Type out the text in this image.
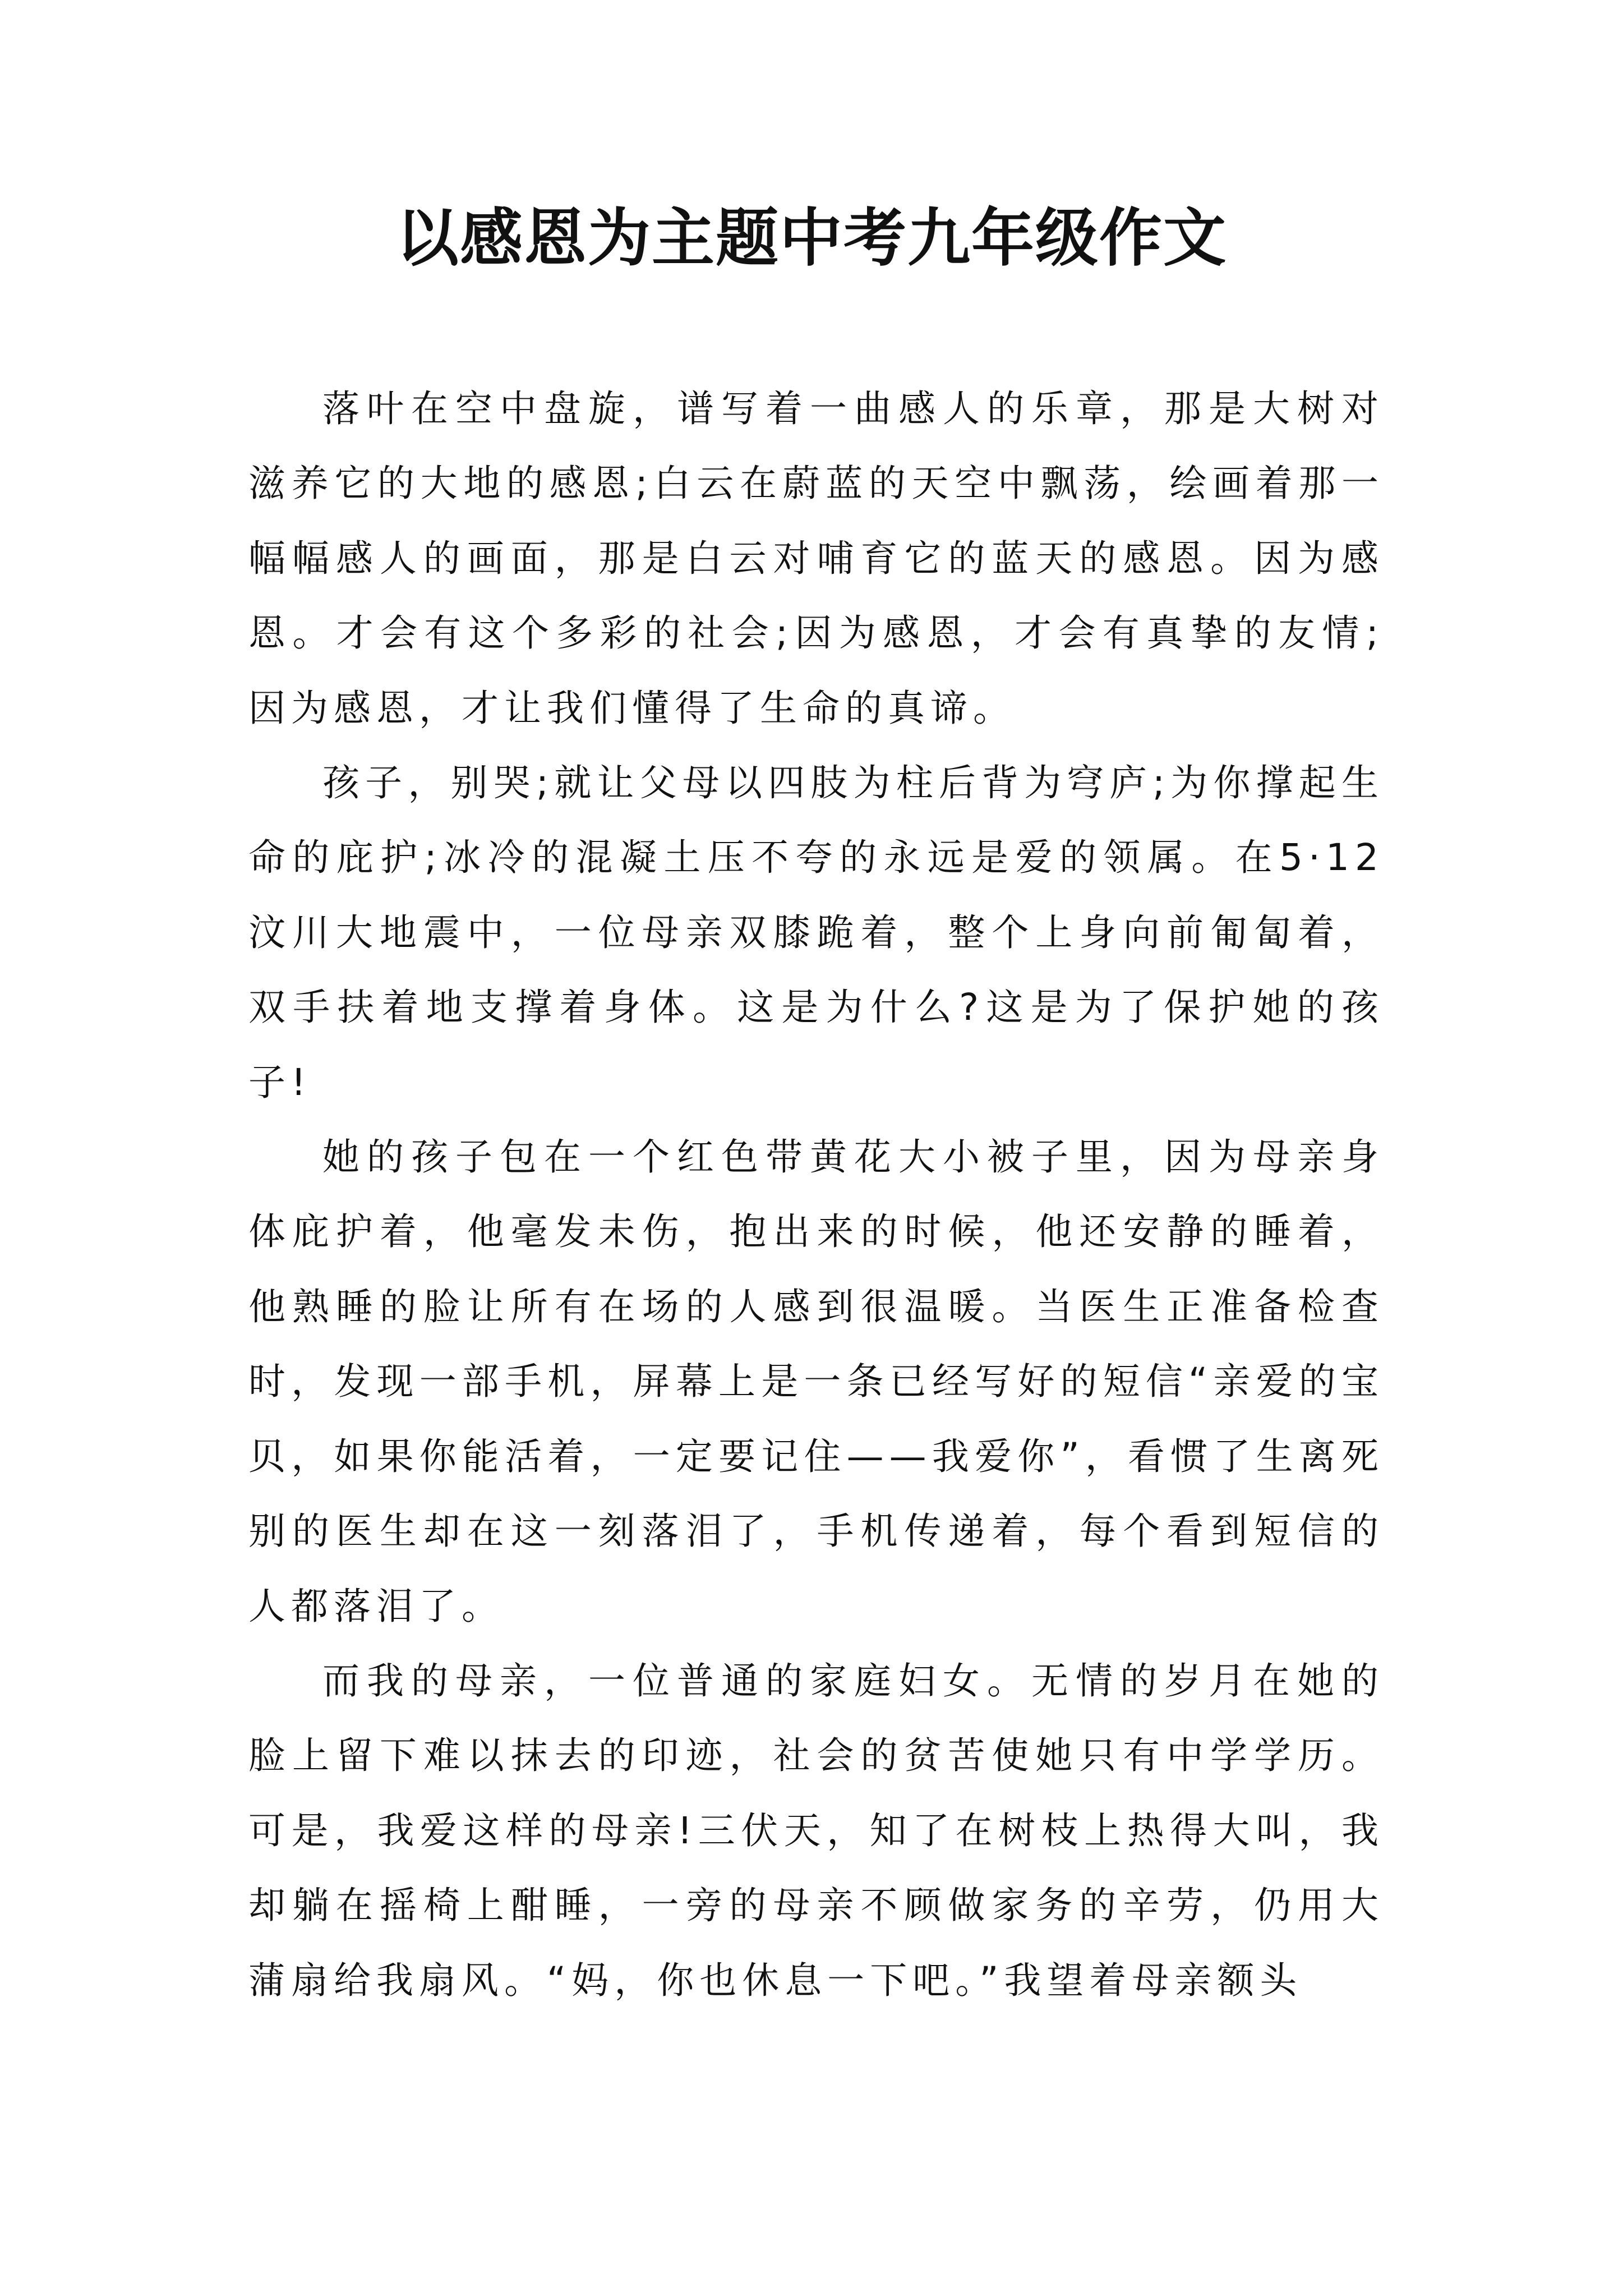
以感恩为主题中考九年级作文

落叶在空中盘旋，谱写着一曲感人的乐章，那是大树对滋养它的大地的感恩;白云在蔚蓝的天空中飘荡，绘画着那一幅幅感人的画面，那是白云对哺育它的蓝天的感恩。因为感恩。才会有这个多彩的社会;因为感恩，才会有真挚的友情;因为感恩，才让我们懂得了生命的真谛。

孩子，别哭;就让父母以四肢为柱后背为穹庐;为你撑起生命的庇护;冰冷的混凝土压不夸的永远是爱的领属。在5·12汶川大地震中，一位母亲双膝跪着，整个上身向前匍匐着，双手扶着地支撑着身体。这是为什么?这是为了保护她的孩子!

她的孩子包在一个红色带黄花大小被子里，因为母亲身体庇护着，他毫发未伤，抱出来的时候，他还安静的睡着，他熟睡的脸让所有在场的人感到很温暖。当医生正准备检查时，发现一部手机，屏幕上是一条已经写好的短信“亲爱的宝贝，如果你能活着，一定要记住——我爱你”，看惯了生离死别的医生却在这一刻落泪了，手机传递着，每个看到短信的人都落泪了。

而我的母亲，一位普通的家庭妇女。无情的岁月在她的脸上留下难以抹去的印迹，社会的贫苦使她只有中学学历。可是，我爱这样的母亲!三伏天，知了在树枝上热得大叫，我却躺在摇椅上酣睡，一旁的母亲不顾做家务的辛劳，仍用大蒲扇给我扇风。“妈，你也休息一下吧。”我望着母亲额头
